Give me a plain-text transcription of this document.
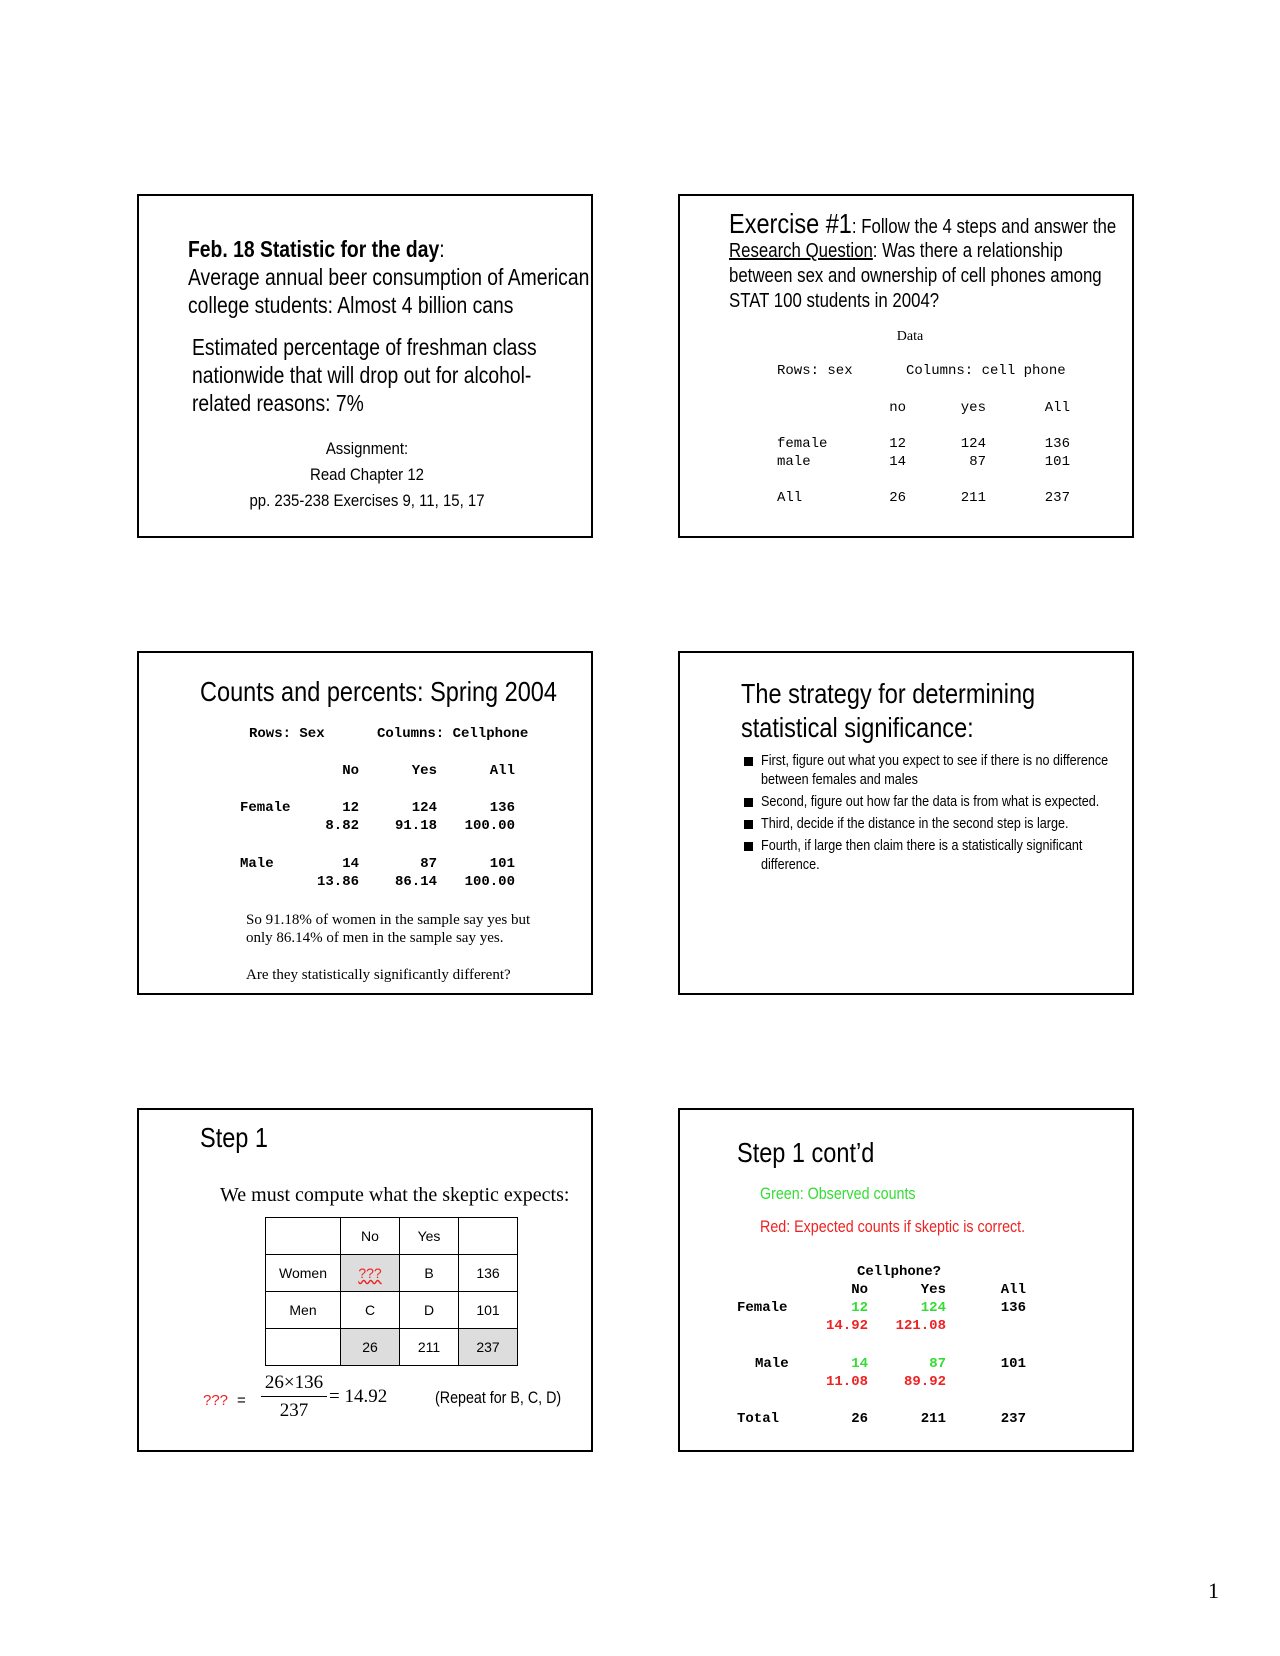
Feb. 18 Statistic for the day:
Average annual beer consumption of American
college students: Almost 4 billion cans
Estimated percentage of freshman class
nationwide that will drop out for alcohol-
related reasons: 7%
Assignment:
Read Chapter 12
pp. 235-238 Exercises 9, 11, 15, 17
Exercise #1: Follow the 4 steps and answer the
Research Question: Was there a relationship
between sex and ownership of cell phones among
STAT 100 students in 2004?
Data
Rows: sex	Columns: cell phone
no	yes	All
female	12	124	136
male	14	87	101
All	26	211	237
Counts and percents: Spring 2004
Rows: Sex	Columns: Cellphone
No	Yes	All
Female	12	124	136
8.82	91.18	100.00
Male	14	87	101
13.86	86.14	100.00
So 91.18% of women in the sample say yes but
only 86.14% of men in the sample say yes.
Are they statistically significantly different?
The strategy for determining
statistical significance:
First, figure out what you expect to see if there is no difference
between females and males
Second, figure out how far the data is from what is expected.
Third, decide if the distance in the second step is large.
Fourth, if large then claim there is a statistically significant
difference.
Step 1
We must compute what the skeptic expects:
	No	Yes	
Women	???	B	136
Men	C	D	101
	26	211	237
??? =
26×136
237
= 14.92	(Repeat for B, C, D)
Step 1 cont’d
Green: Observed counts
Red: Expected counts if skeptic is correct.
Cellphone?
No	Yes	All
Female	12	124	136
14.92	121.08
Male	14	87	101
11.08	89.92
Total	26	211	237
1
